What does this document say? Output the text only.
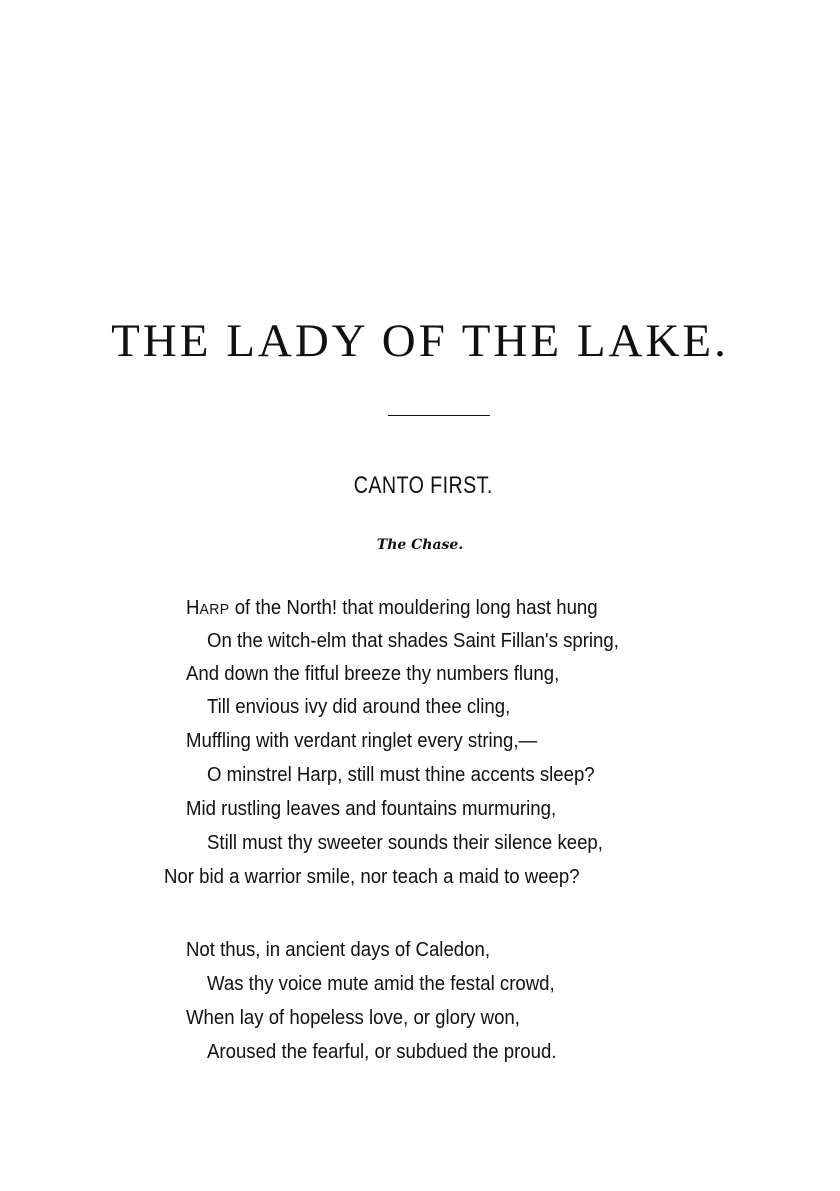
THE LADY OF THE LAKE.
CANTO FIRST.
The Chase.
HARP of the North! that mouldering long hast hung
On the witch-elm that shades Saint Fillan's spring,
And down the fitful breeze thy numbers flung,
Till envious ivy did around thee cling,
Muffling with verdant ringlet every string,—
O minstrel Harp, still must thine accents sleep?
Mid rustling leaves and fountains murmuring,
Still must thy sweeter sounds their silence keep,
Nor bid a warrior smile, nor teach a maid to weep?
Not thus, in ancient days of Caledon,
Was thy voice mute amid the festal crowd,
When lay of hopeless love, or glory won,
Aroused the fearful, or subdued the proud.
